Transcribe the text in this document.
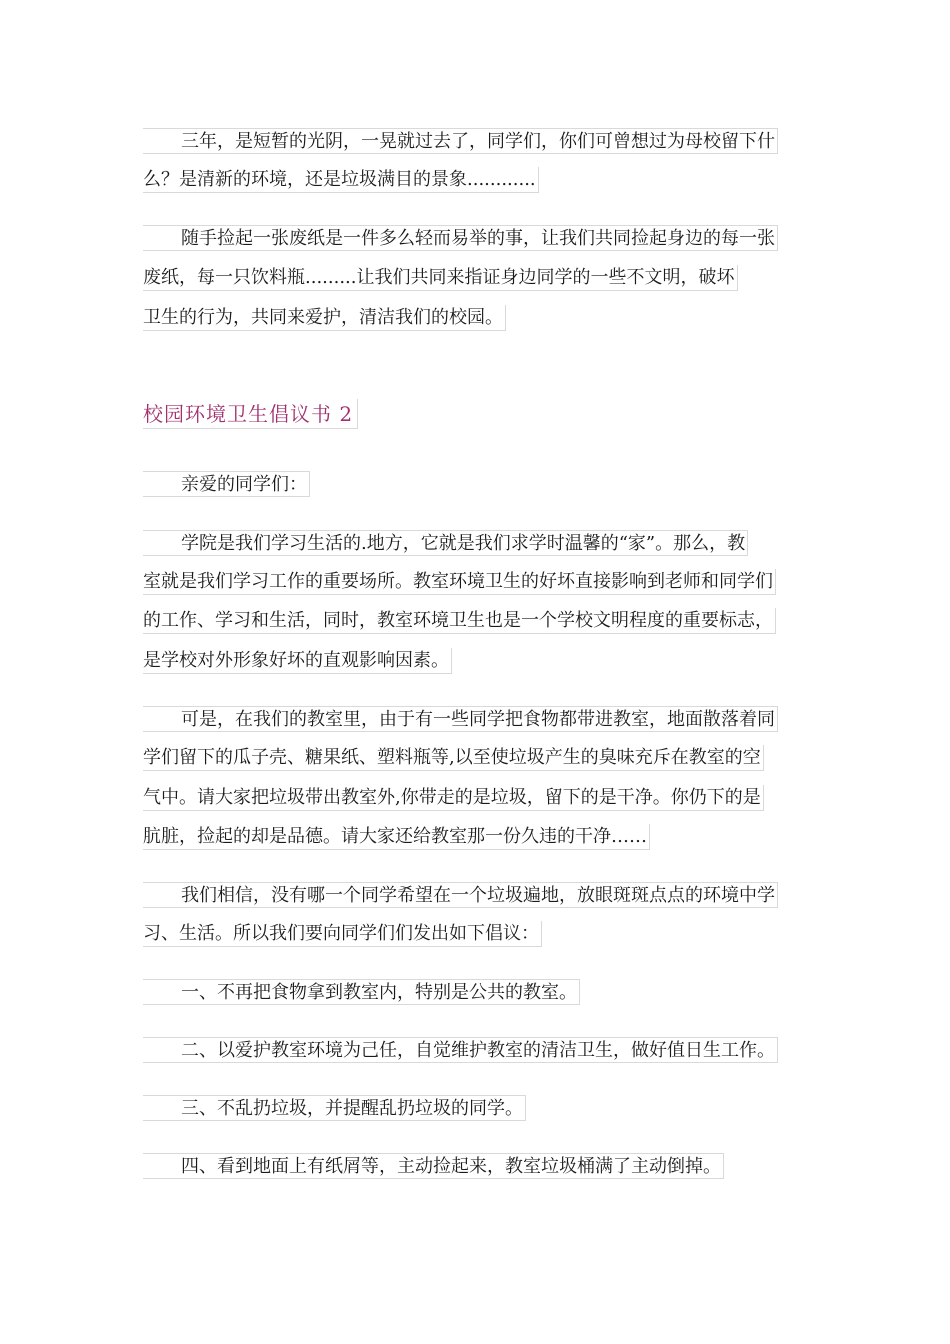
三年，是短暂的光阴，一晃就过去了，同学们，你们可曾想过为母校留下什
么？是清新的环境，还是垃圾满目的景象............
随手捡起一张废纸是一件多么轻而易举的事，让我们共同捡起身边的每一张
废纸，每一只饮料瓶.........让我们共同来指证身边同学的一些不文明，破坏
卫生的行为，共同来爱护，清洁我们的校园。
校园环境卫生倡议书 2
亲爱的同学们：
学院是我们学习生活的.地方，它就是我们求学时温馨的“家”。那么，教
室就是我们学习工作的重要场所。教室环境卫生的好坏直接影响到老师和同学们
的工作、学习和生活，同时，教室环境卫生也是一个学校文明程度的重要标志，
是学校对外形象好坏的直观影响因素。
可是，在我们的教室里，由于有一些同学把食物都带进教室，地面散落着同
学们留下的瓜子壳、糖果纸、塑料瓶等,以至使垃圾产生的臭味充斥在教室的空
气中。请大家把垃圾带出教室外,你带走的是垃圾，留下的是干净。你仍下的是
肮脏，捡起的却是品德。请大家还给教室那一份久违的干净……
我们相信，没有哪一个同学希望在一个垃圾遍地，放眼斑斑点点的环境中学
习、生活。所以我们要向同学们们发出如下倡议：
一、不再把食物拿到教室内，特别是公共的教室。
二、以爱护教室环境为己任，自觉维护教室的清洁卫生，做好值日生工作。
三、不乱扔垃圾，并提醒乱扔垃圾的同学。
四、看到地面上有纸屑等，主动捡起来，教室垃圾桶满了主动倒掉。
